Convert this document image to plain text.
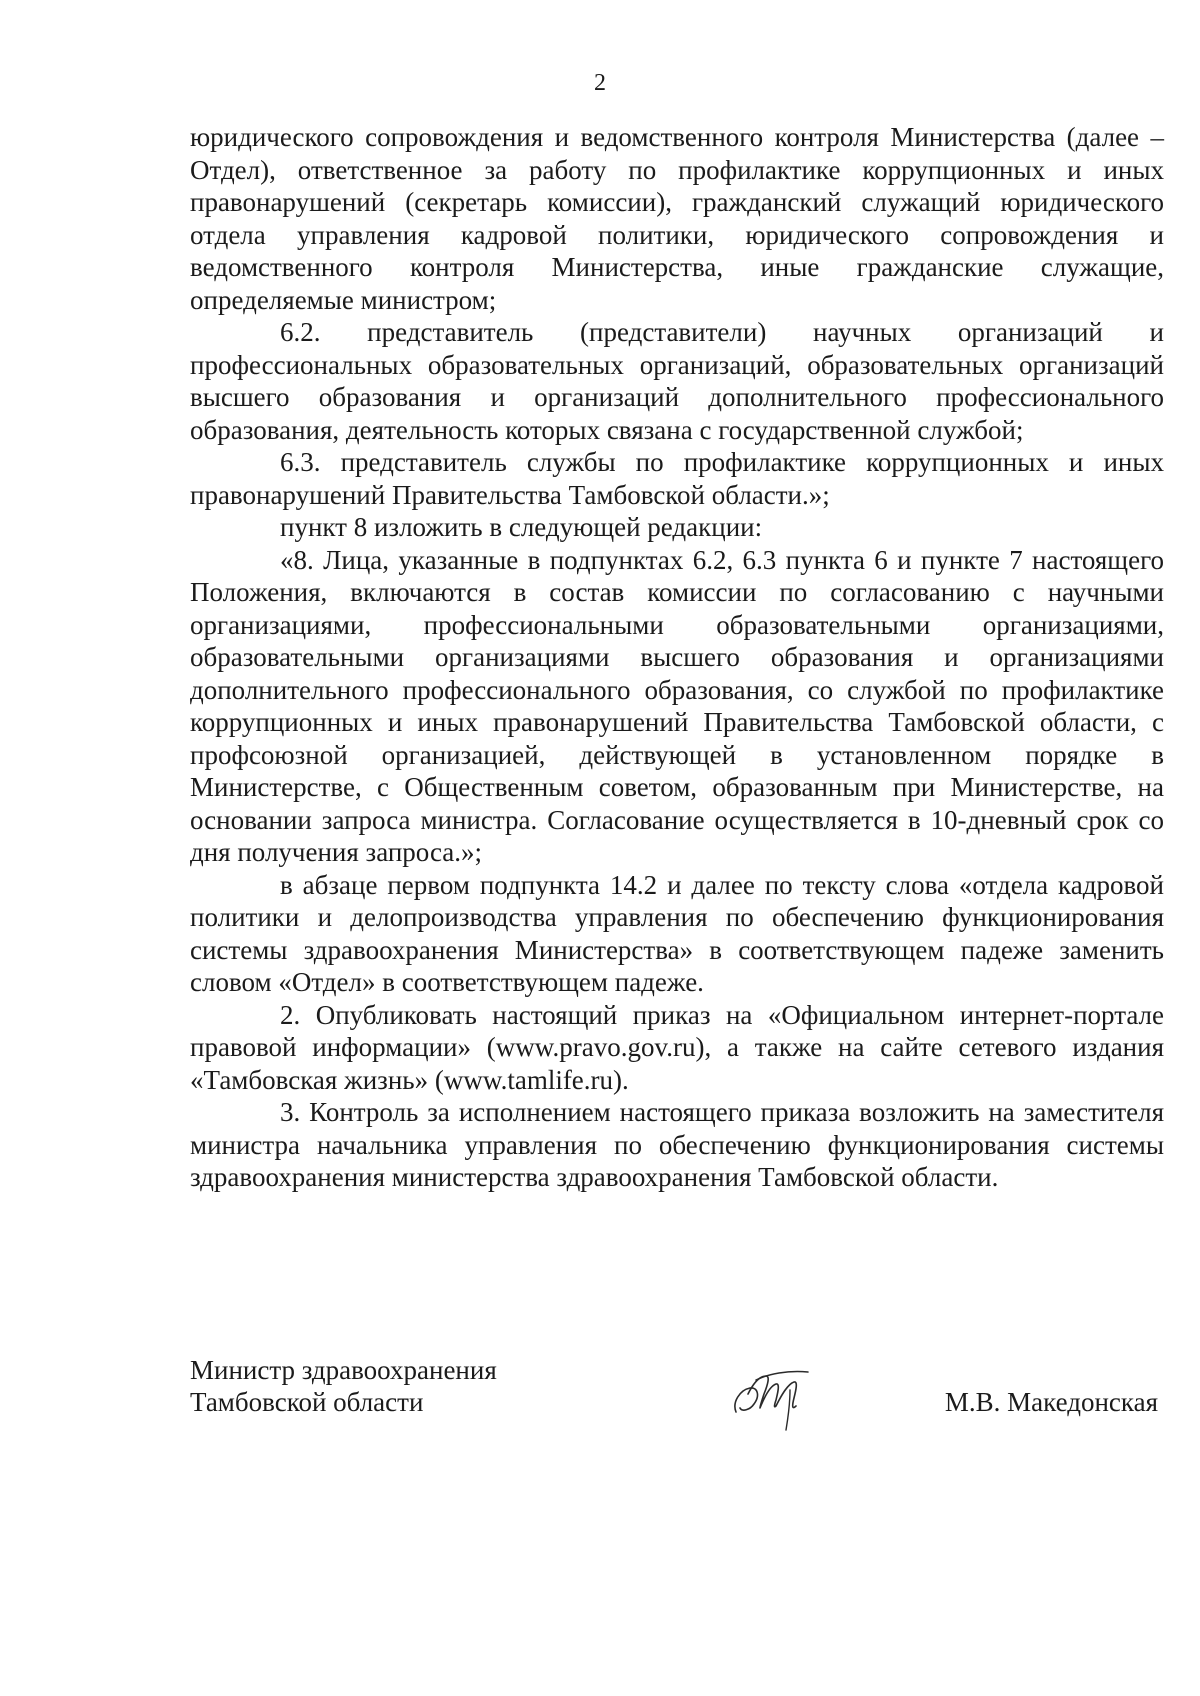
2

юридического сопровождения и ведомственного контроля Министерства (далее – Отдел), ответственное за работу по профилактике коррупционных и иных правонарушений (секретарь комиссии), гражданский служащий юридического отдела управления кадровой политики, юридического сопровождения и ведомственного контроля Министерства, иные гражданские служащие, определяемые министром;

6.2. представитель (представители) научных организаций и профессиональных образовательных организаций, образовательных организаций высшего образования и организаций дополнительного профессионального образования, деятельность которых связана с государственной службой;

6.3. представитель службы по профилактике коррупционных и иных правонарушений Правительства Тамбовской области.»;

пункт 8 изложить в следующей редакции:

«8. Лица, указанные в подпунктах 6.2, 6.3 пункта 6 и пункте 7 настоящего Положения, включаются в состав комиссии по согласованию с научными организациями, профессиональными образовательными организациями, образовательными организациями высшего образования и организациями дополнительного профессионального образования, со службой по профилактике коррупционных и иных правонарушений Правительства Тамбовской области, с профсоюзной организацией, действующей в установленном порядке в Министерстве, с Общественным советом, образованным при Министерстве, на основании запроса министра. Согласование осуществляется в 10-дневный срок со дня получения запроса.»;

в абзаце первом подпункта 14.2 и далее по тексту слова «отдела кадровой политики и делопроизводства управления по обеспечению функционирования системы здравоохранения Министерства» в соответствующем падеже заменить словом «Отдел» в соответствующем падеже.

2. Опубликовать настоящий приказ на «Официальном интернет-портале правовой информации» (www.pravo.gov.ru), а также на сайте сетевого издания «Тамбовская жизнь» (www.tamlife.ru).

3. Контроль за исполнением настоящего приказа возложить на заместителя министра начальника управления по обеспечению функционирования системы здравоохранения министерства здравоохранения Тамбовской области.

Министр здравоохранения
Тамбовской области	М.В. Македонская
